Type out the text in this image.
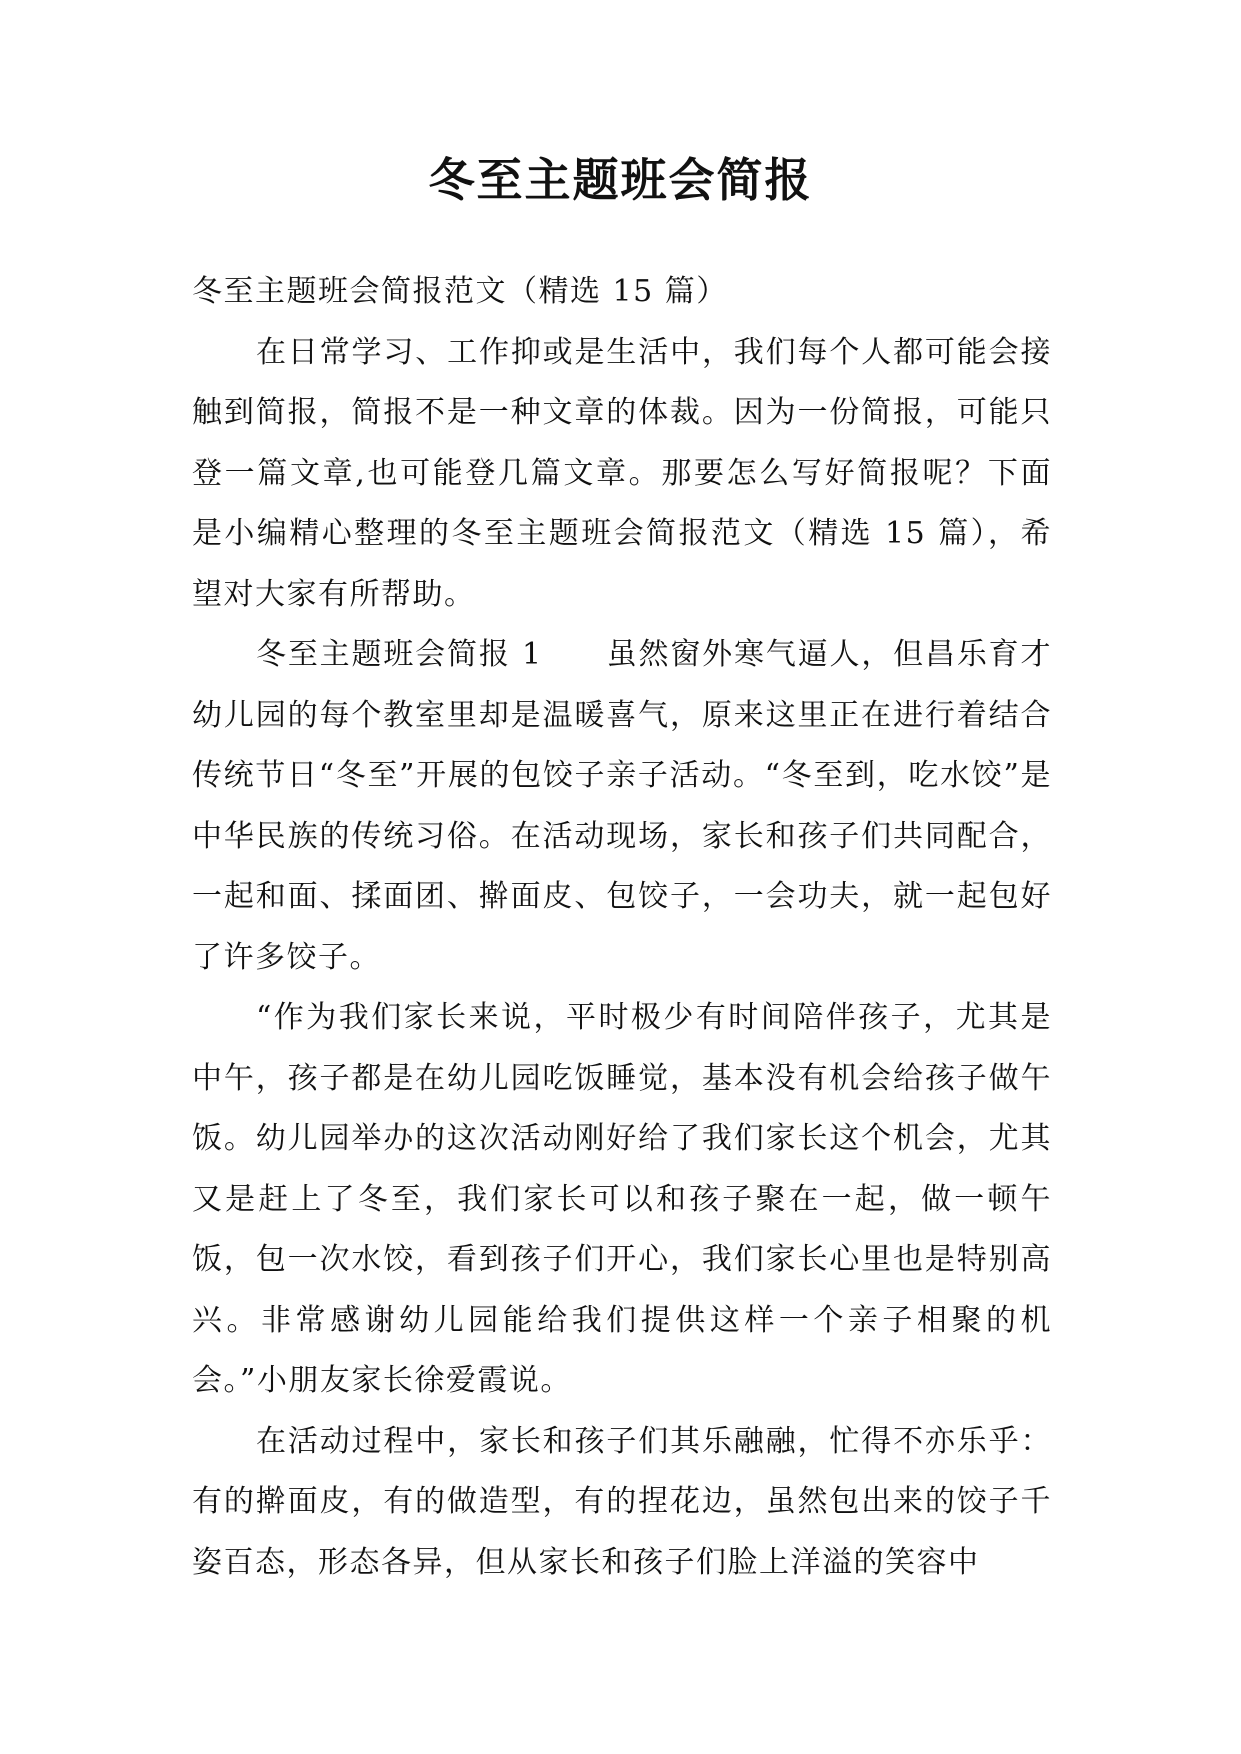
冬至主题班会简报

冬至主题班会简报范文（精选 15 篇）

在日常学习、工作抑或是生活中，我们每个人都可能会接触到简报，简报不是一种文章的体裁。因为一份简报，可能只登一篇文章,也可能登几篇文章。那要怎么写好简报呢？下面是小编精心整理的冬至主题班会简报范文（精选 15 篇），希望对大家有所帮助。

冬至主题班会简报 1　　虽然窗外寒气逼人，但昌乐育才幼儿园的每个教室里却是温暖喜气，原来这里正在进行着结合传统节日“冬至”开展的包饺子亲子活动。“冬至到，吃水饺”是中华民族的传统习俗。在活动现场，家长和孩子们共同配合，一起和面、揉面团、擀面皮、包饺子，一会功夫，就一起包好了许多饺子。

“作为我们家长来说，平时极少有时间陪伴孩子，尤其是中午，孩子都是在幼儿园吃饭睡觉，基本没有机会给孩子做午饭。幼儿园举办的这次活动刚好给了我们家长这个机会，尤其又是赶上了冬至，我们家长可以和孩子聚在一起，做一顿午饭，包一次水饺，看到孩子们开心，我们家长心里也是特别高兴。非常感谢幼儿园能给我们提供这样一个亲子相聚的机会。”小朋友家长徐爱霞说。

在活动过程中，家长和孩子们其乐融融，忙得不亦乐乎：有的擀面皮，有的做造型，有的捏花边，虽然包出来的饺子千姿百态，形态各异，但从家长和孩子们脸上洋溢的笑容中
